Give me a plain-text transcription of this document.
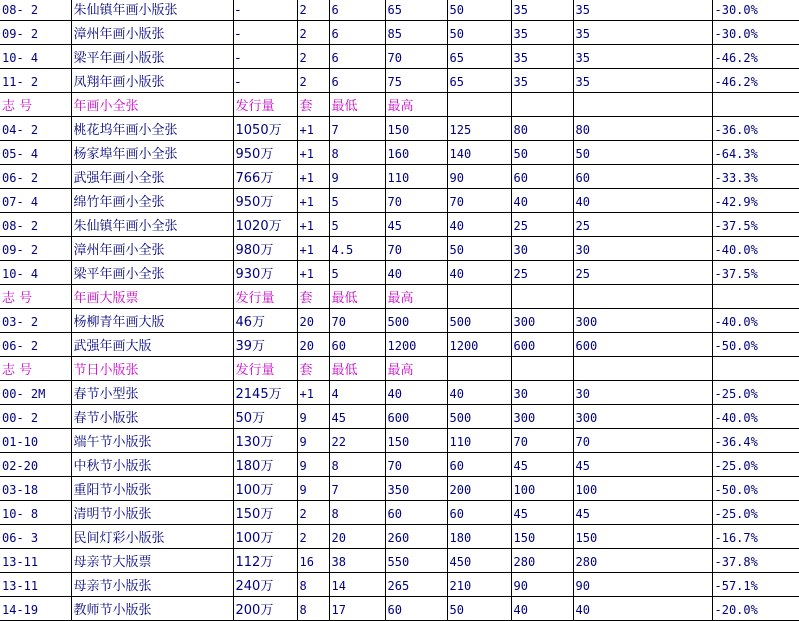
08- 2	朱仙镇年画小版张	-	2	6	65	50	35	35	-30.0%
09- 2	漳州年画小版张	-	2	6	85	50	35	35	-30.0%
10- 4	梁平年画小版张	-	2	6	70	65	35	35	-46.2%
11- 2	凤翔年画小版张	-	2	6	75	65	35	35	-46.2%
志 号	年画小全张	发行量	套	最低	最高				
04- 2	桃花坞年画小全张	1050万	+1	7	150	125	80	80	-36.0%
05- 4	杨家埠年画小全张	950万	+1	8	160	140	50	50	-64.3%
06- 2	武强年画小全张	766万	+1	9	110	90	60	60	-33.3%
07- 4	绵竹年画小全张	950万	+1	5	70	70	40	40	-42.9%
08- 2	朱仙镇年画小全张	1020万	+1	5	45	40	25	25	-37.5%
09- 2	漳州年画小全张	980万	+1	4.5	70	50	30	30	-40.0%
10- 4	梁平年画小全张	930万	+1	5	40	40	25	25	-37.5%
志 号	年画大版票	发行量	套	最低	最高				
03- 2	杨柳青年画大版	46万	20	70	500	500	300	300	-40.0%
06- 2	武强年画大版	39万	20	60	1200	1200	600	600	-50.0%
志 号	节日小版张	发行量	套	最低	最高				
00- 2M	春节小型张	2145万	+1	4	40	40	30	30	-25.0%
00- 2	春节小版张	50万	9	45	600	500	300	300	-40.0%
01-10	端午节小版张	130万	9	22	150	110	70	70	-36.4%
02-20	中秋节小版张	180万	9	8	70	60	45	45	-25.0%
03-18	重阳节小版张	100万	9	7	350	200	100	100	-50.0%
10- 8	清明节小版张	150万	2	8	60	60	45	45	-25.0%
06- 3	民间灯彩小版张	100万	2	20	260	180	150	150	-16.7%
13-11	母亲节大版票	112万	16	38	550	450	280	280	-37.8%
13-11	母亲节小版张	240万	8	14	265	210	90	90	-57.1%
14-19	教师节小版张	200万	8	17	60	50	40	40	-20.0%
